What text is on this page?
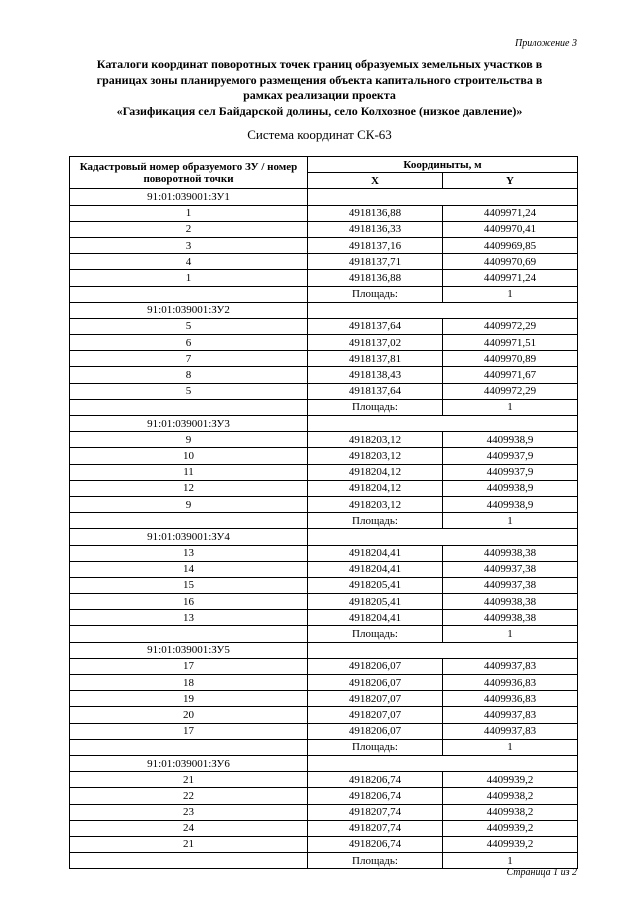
Приложение 3
Каталоги координат поворотных точек границ образуемых земельных участков в
границах зоны планируемого размещения объекта капитального строительства в
рамках реализации проекта
«Газификация сел Байдарской долины, село Колхозное (низкое давление)»
Система координат СК-63
Кадастровый номер образуемого ЗУ / номер поворотной точки	Координыты, м	
	X	Y
91:01:039001:ЗУ1		
1	4918136,88	4409971,24
2	4918136,33	4409970,41
3	4918137,16	4409969,85
4	4918137,71	4409970,69
1	4918136,88	4409971,24
	Площадь:	1
91:01:039001:ЗУ2		
5	4918137,64	4409972,29
6	4918137,02	4409971,51
7	4918137,81	4409970,89
8	4918138,43	4409971,67
5	4918137,64	4409972,29
	Площадь:	1
91:01:039001:ЗУ3		
9	4918203,12	4409938,9
10	4918203,12	4409937,9
11	4918204,12	4409937,9
12	4918204,12	4409938,9
9	4918203,12	4409938,9
	Площадь:	1
91:01:039001:ЗУ4		
13	4918204,41	4409938,38
14	4918204,41	4409937,38
15	4918205,41	4409937,38
16	4918205,41	4409938,38
13	4918204,41	4409938,38
	Площадь:	1
91:01:039001:ЗУ5		
17	4918206,07	4409937,83
18	4918206,07	4409936,83
19	4918207,07	4409936,83
20	4918207,07	4409937,83
17	4918206,07	4409937,83
	Площадь:	1
91:01:039001:ЗУ6		
21	4918206,74	4409939,2
22	4918206,74	4409938,2
23	4918207,74	4409938,2
24	4918207,74	4409939,2
21	4918206,74	4409939,2
	Площадь:	1
Страница 1 из 2
